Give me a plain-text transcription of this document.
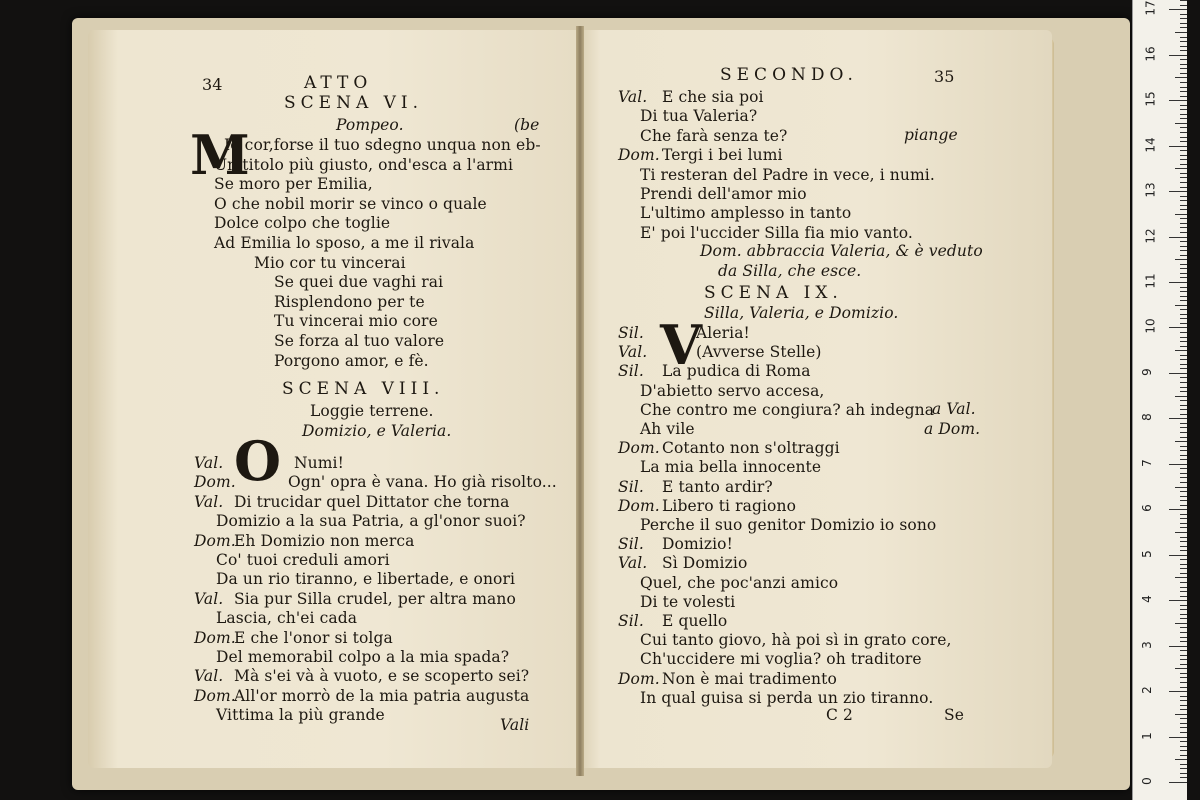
34	ATTO
SCENA VI.
Pompeo.	(be
M
Io cor,forse il tuo sdegno unqua non eb-
Un titolo più giusto, ond'esca a l'armi
Se moro per Emilia,
O che nobil morir se vinco o quale
Dolce colpo che toglie
Ad Emilia lo sposo, a me il rivala
Mio cor tu vincerai
Se quei due vaghi rai
Risplendono per te
Tu vincerai mio core
Se forza al tuo valore
Porgono amor, e fè.
SCENA VIII.
Loggie terrene.
Domizio, e Valeria.
O
Val.	Numi!
Dom.	Ogn' opra è vana. Ho già risolto...
Val. Di trucidar quel Dittator che torna
Domizio a la sua Patria, a gl'onor suoi?
Dom.
Eh Domizio non merca
Co' tuoi creduli amori
Da un rio tiranno, e libertade, e onori
Val. Sia pur Silla crudel, per altra mano
Lascia, ch'ei cada
Dom.
E che l'onor si tolga
Del memorabil colpo a la mia spada?
Val. Mà s'ei và à vuoto, e se scoperto sei?
Dom.
All'or morrò de la mia patria augusta
Vittima la più grande
Vali
SECONDO.	35
Val. E che sia poi
Di tua Valeria?
Che farà senza te?
Dom. Tergi i bei lumi
Ti resteran del Padre in vece, i numi.
Prendi dell'amor mio
L'ultimo amplesso in tanto
E' poi l'uccider Silla fia mio vanto.
piange
Dom. abbraccia Valeria, & è veduto
da Silla, che esce.
SCENA IX.
Silla, Valeria, e Domizio.
V
Sil.	Aleria!
Val.	(Avverse Stelle)
Sil. La pudica di Roma
D'abietto servo accesa,
Che contro me congiura? ah indegna
Ah vile
Dom. Cotanto non s'oltraggi
La mia bella innocente
Sil. E tanto ardir?
Dom. Libero ti ragiono
Perche il suo genitor Domizio io sono
Sil. Domizio!
Val. Sì Domizio
Quel, che poc'anzi amico
Di te volesti
Sil. E quello
Cui tanto giovo, hà poi sì in grato core,
Ch'uccidere mi voglia? oh traditore
Dom. Non è mai tradimento
In qual guisa si perda un zio tiranno.
a Val.
a Dom.
C 2	Se
0
1
2
3
4
5
6
7
8
9
10
11
12
13
14
15
16
17
